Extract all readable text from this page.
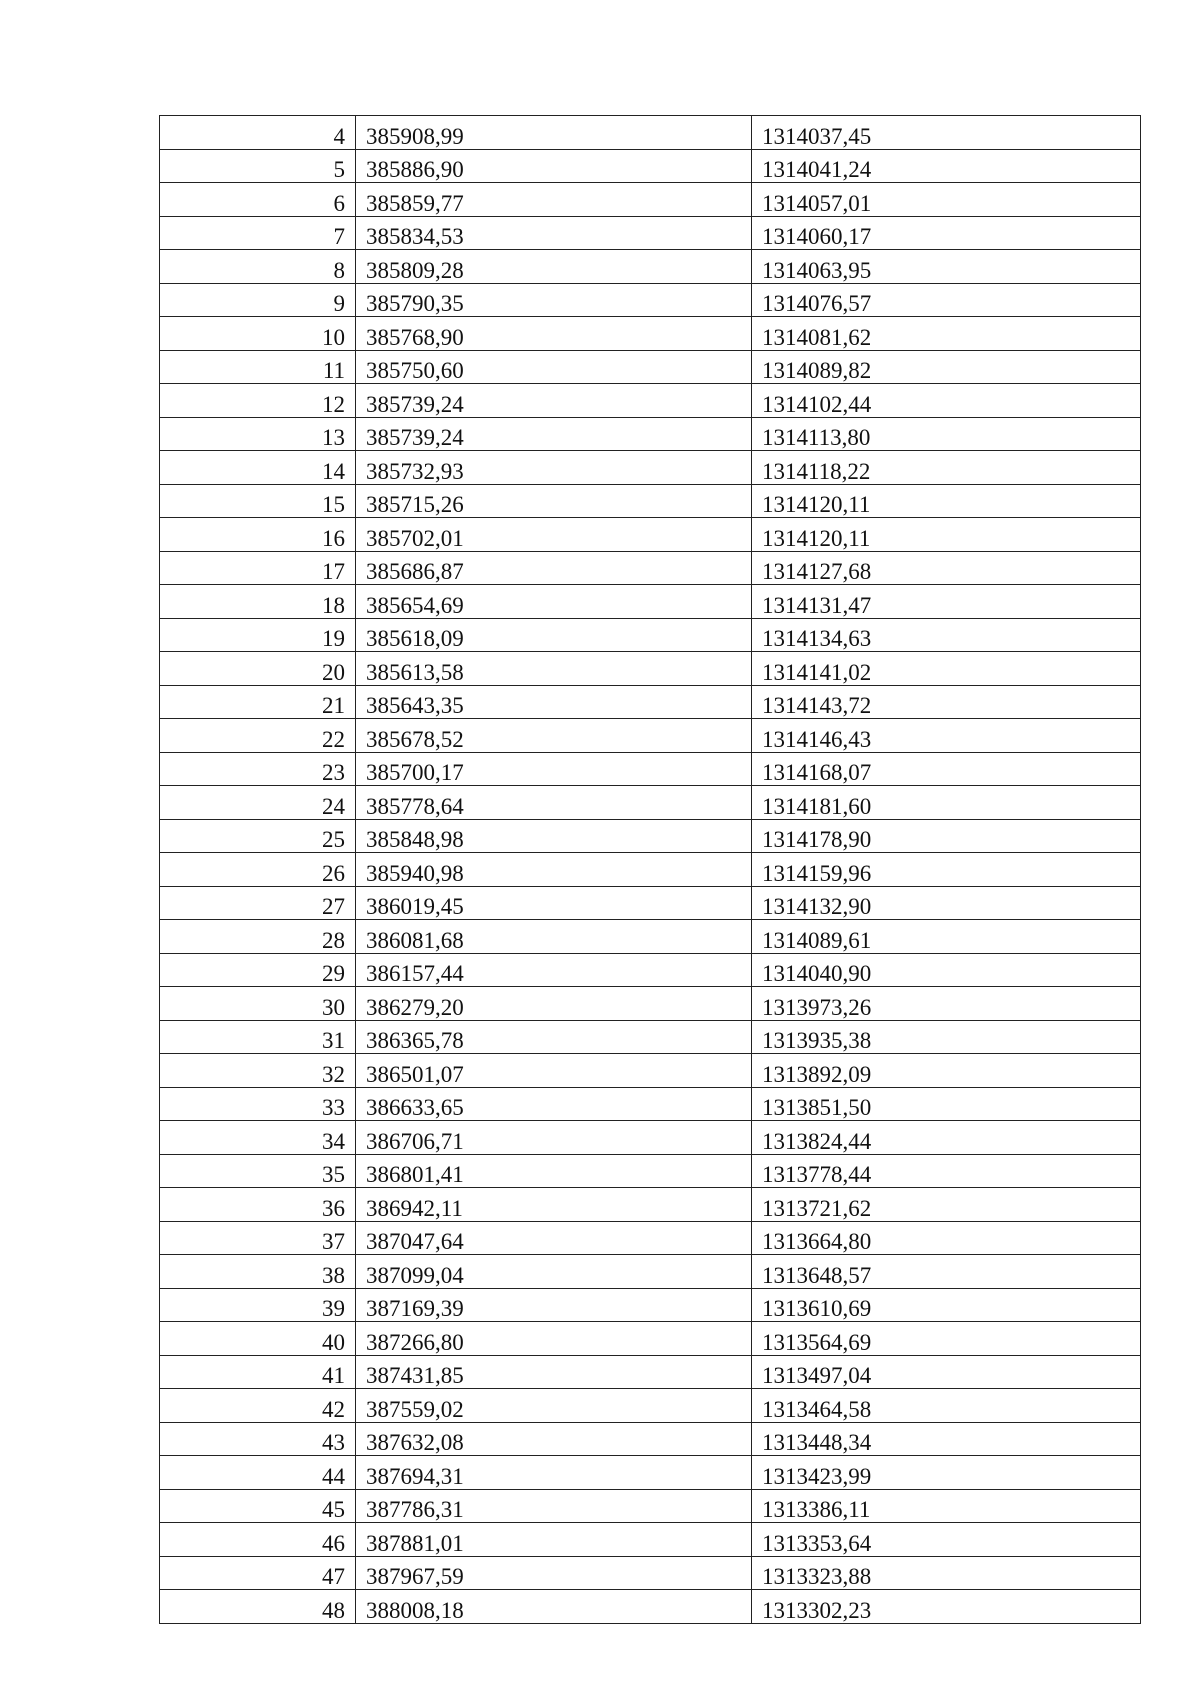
4	385908,99	1314037,45
5	385886,90	1314041,24
6	385859,77	1314057,01
7	385834,53	1314060,17
8	385809,28	1314063,95
9	385790,35	1314076,57
10	385768,90	1314081,62
11	385750,60	1314089,82
12	385739,24	1314102,44
13	385739,24	1314113,80
14	385732,93	1314118,22
15	385715,26	1314120,11
16	385702,01	1314120,11
17	385686,87	1314127,68
18	385654,69	1314131,47
19	385618,09	1314134,63
20	385613,58	1314141,02
21	385643,35	1314143,72
22	385678,52	1314146,43
23	385700,17	1314168,07
24	385778,64	1314181,60
25	385848,98	1314178,90
26	385940,98	1314159,96
27	386019,45	1314132,90
28	386081,68	1314089,61
29	386157,44	1314040,90
30	386279,20	1313973,26
31	386365,78	1313935,38
32	386501,07	1313892,09
33	386633,65	1313851,50
34	386706,71	1313824,44
35	386801,41	1313778,44
36	386942,11	1313721,62
37	387047,64	1313664,80
38	387099,04	1313648,57
39	387169,39	1313610,69
40	387266,80	1313564,69
41	387431,85	1313497,04
42	387559,02	1313464,58
43	387632,08	1313448,34
44	387694,31	1313423,99
45	387786,31	1313386,11
46	387881,01	1313353,64
47	387967,59	1313323,88
48	388008,18	1313302,23
